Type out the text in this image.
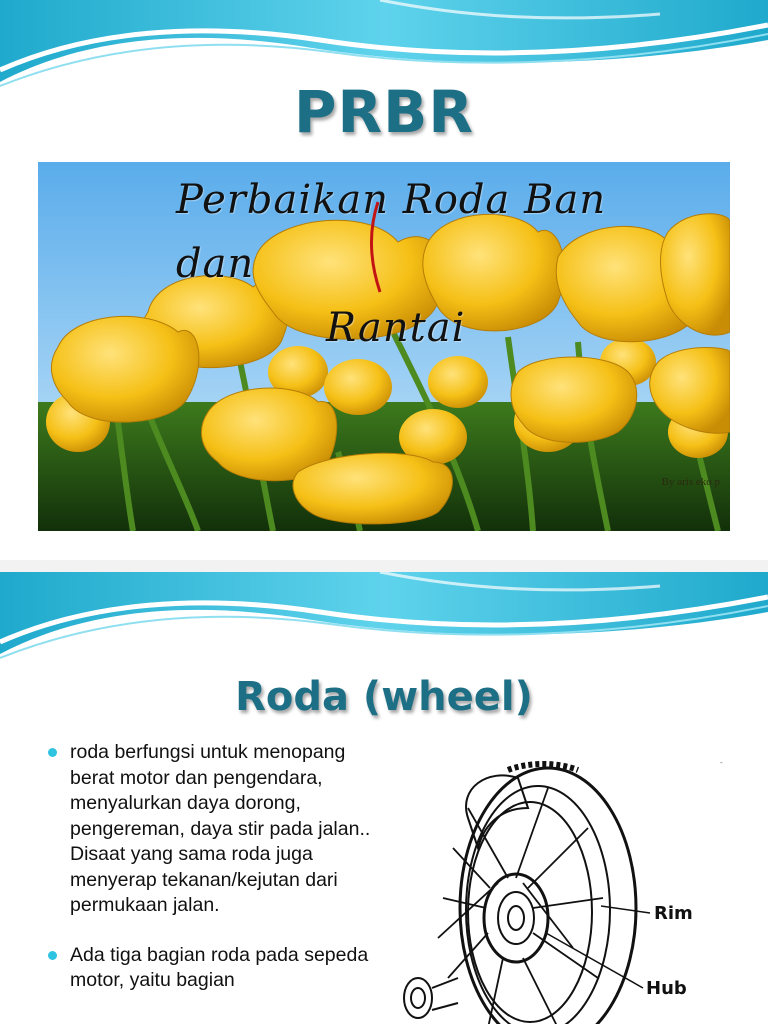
PRBR
Perbaikan Roda Ban dan
Rantai
By aris eko p
Roda (wheel)
roda berfungsi untuk menopang berat motor dan pengendara, menyalurkan daya dorong, pengereman, daya stir pada jalan.. Disaat yang sama roda juga menyerap tekanan/kejutan dari permukaan jalan.
Ada tiga bagian roda pada sepeda motor, yaitu bagian
Rim
Hub
-
